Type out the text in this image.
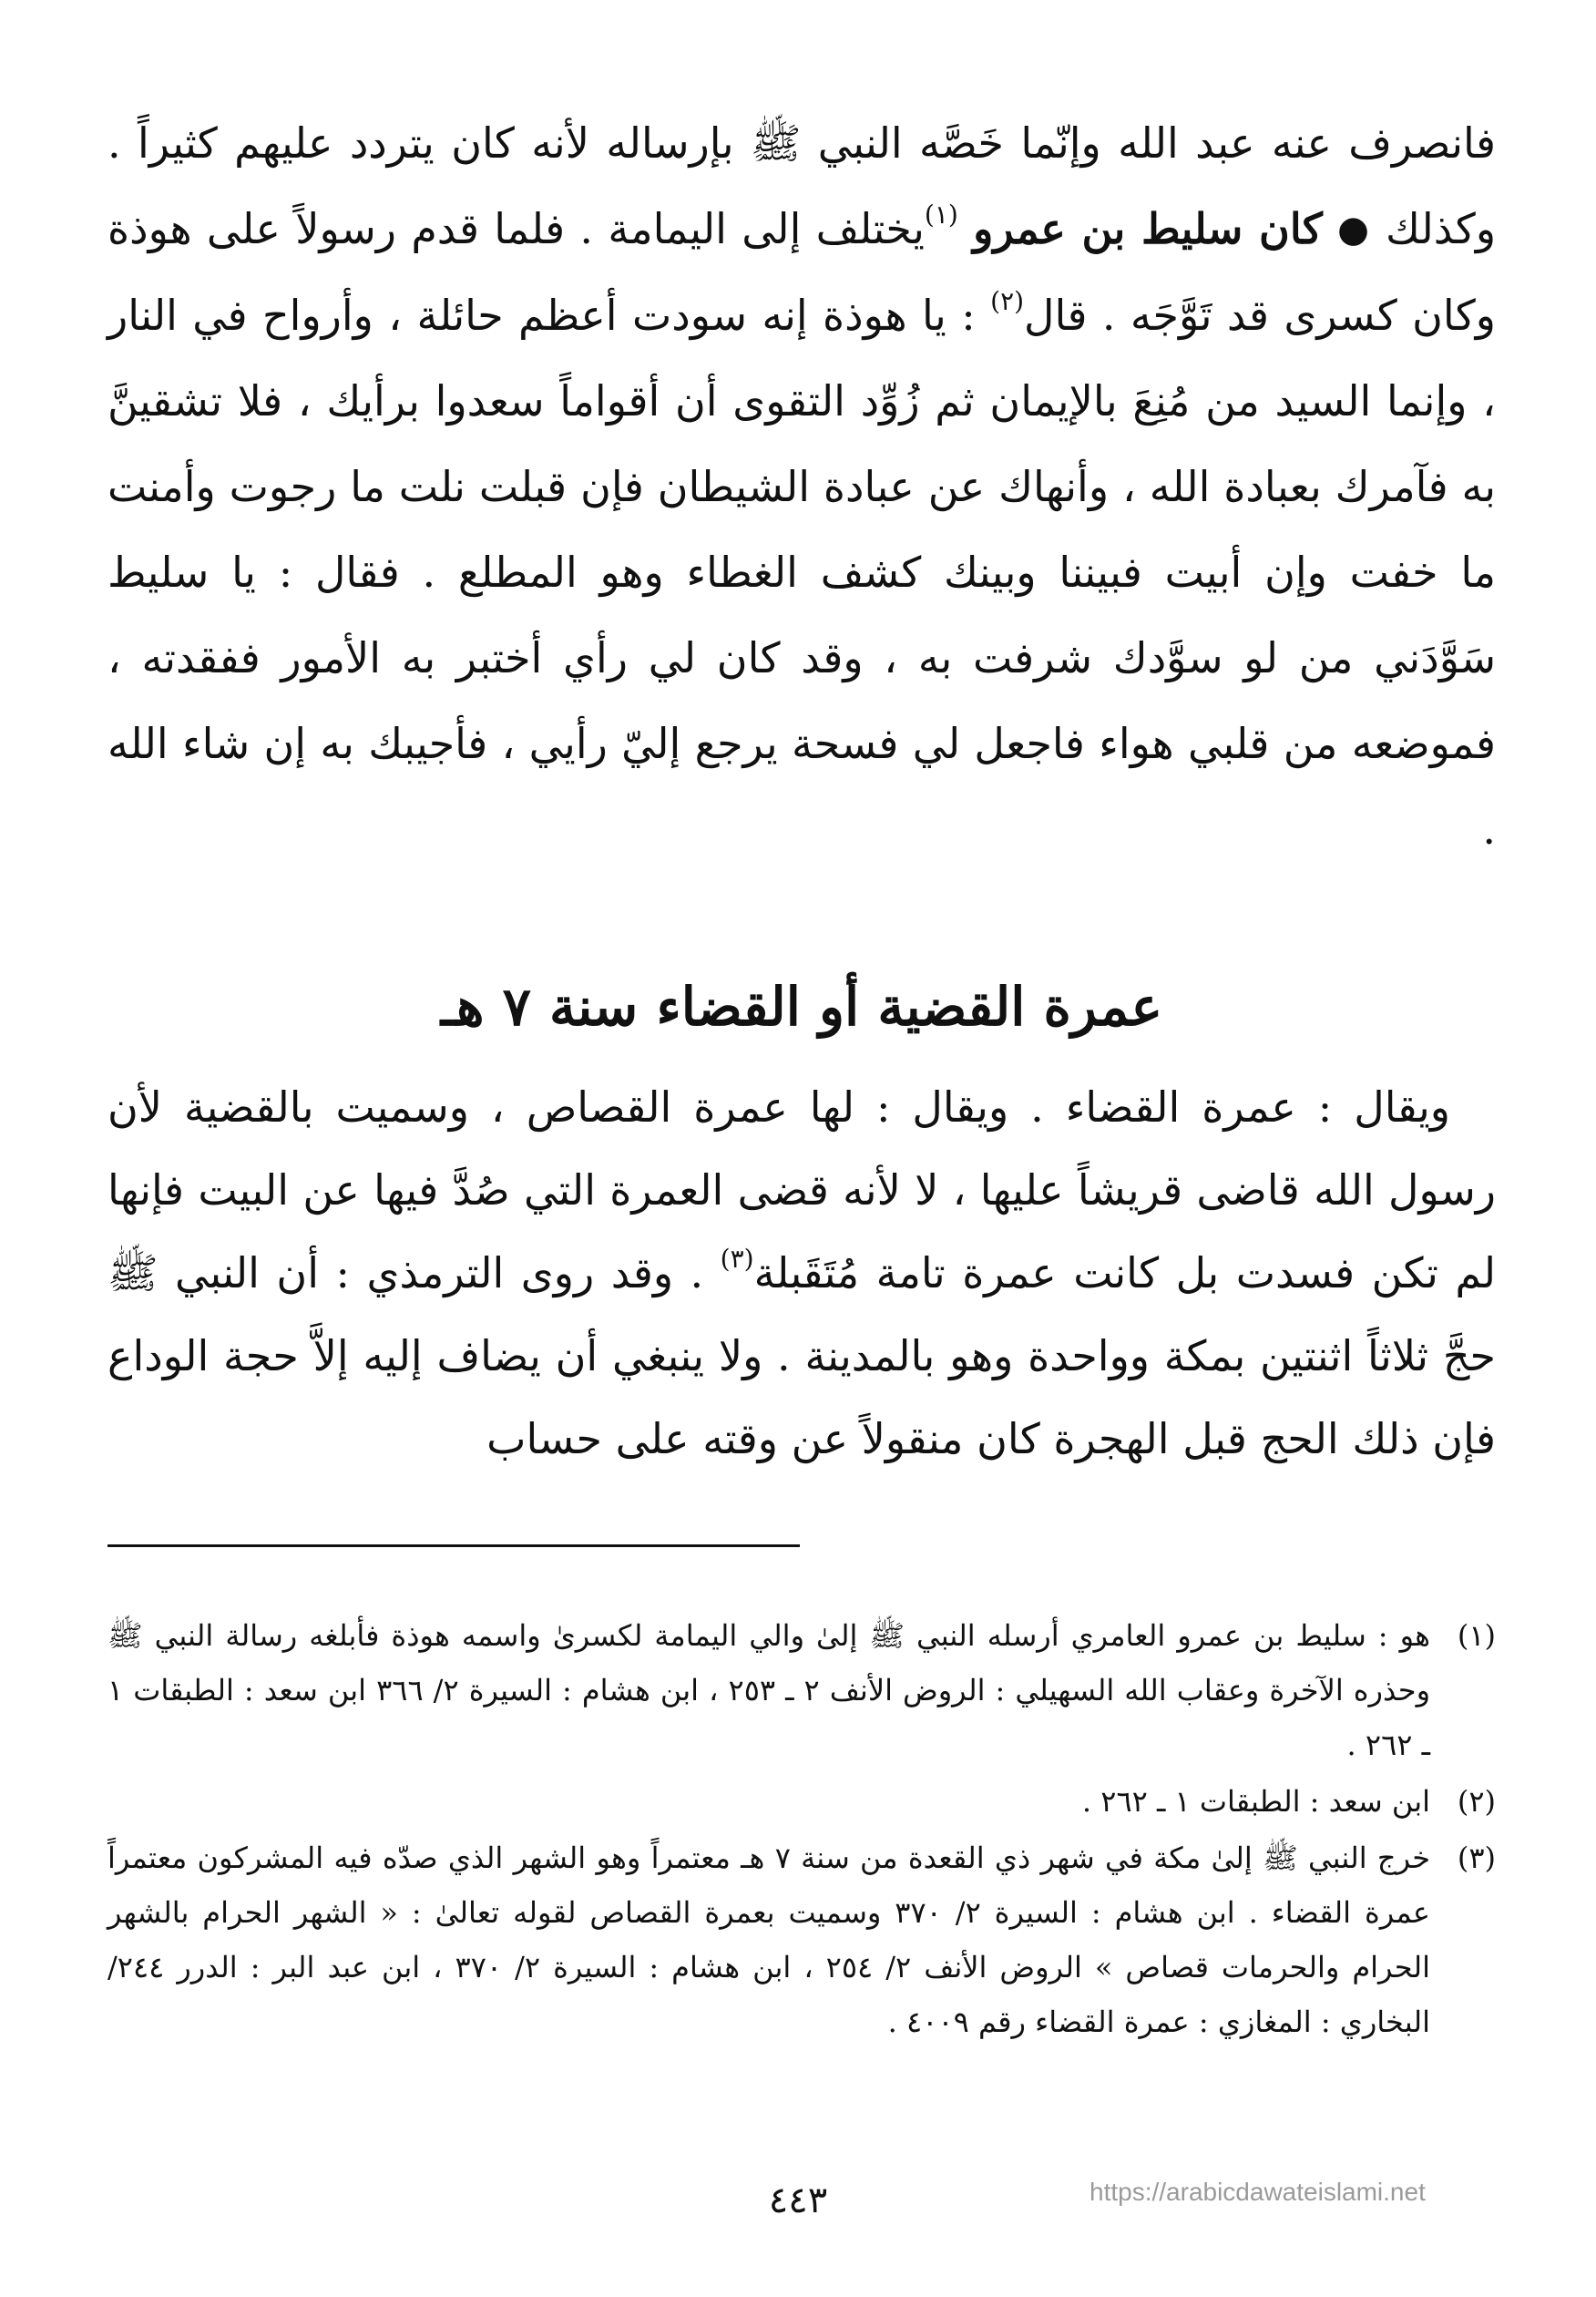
فانصرف عنه عبد الله وإنّما خَصَّه النبي ﷺ بإرساله لأنه كان يتردد عليهم كثيراً . وكذلك ● كان سليط بن عمرو $^{(١)}$يختلف إلى اليمامة . فلما قدم رسولاً على هوذة وكان كسرى قد تَوَّجَه . قال$^{(٢)}$ : يا هوذة إنه سودت أعظم حائلة ، وأرواح في النار ، وإنما السيد من مُنِعَ بالإيمان ثم زُوِّد التقوى أن أقواماً سعدوا برأيك ، فلا تشقينَّ به فآمرك بعبادة الله ، وأنهاك عن عبادة الشيطان فإن قبلت نلت ما رجوت وأمنت ما خفت وإن أبيت فبيننا وبينك كشف الغطاء وهو المطلع . فقال : يا سليط سَوَّدَني من لو سوَّدك شرفت به ، وقد كان لي رأي أختبر به الأمور ففقدته ، فموضعه من قلبي هواء فاجعل لي فسحة يرجع إليّ رأيي ، فأجيبك به إن شاء الله .

عمرة القضية أو القضاء سنة ٧ هـ

ويقال : عمرة القضاء . ويقال : لها عمرة القصاص ، وسميت بالقضية لأن رسول الله قاضى قريشاً عليها ، لا لأنه قضى العمرة التي صُدَّ فيها عن البيت فإنها لم تكن فسدت بل كانت عمرة تامة مُتَقَبلة$^{(٣)}$ . وقد روى الترمذي : أن النبي ﷺ حجَّ ثلاثاً اثنتين بمكة وواحدة وهو بالمدينة . ولا ينبغي أن يضاف إليه إلاَّ حجة الوداع فإن ذلك الحج قبل الهجرة كان منقولاً عن وقته على حساب

(١)
هو : سليط بن عمرو العامري أرسله النبي ﷺ إلىٰ والي اليمامة لكسرىٰ واسمه هوذة فأبلغه رسالة النبي ﷺ وحذره الآخرة وعقاب الله السهيلي : الروض الأنف ٢ ـ ٢٥٣ ، ابن هشام : السيرة ٢/ ٣٦٦ ابن سعد : الطبقات ١ ـ ٢٦٢ .
(٢)
ابن سعد : الطبقات ١ ـ ٢٦٢ .
(٣)
خرج النبي ﷺ إلىٰ مكة في شهر ذي القعدة من سنة ٧ هـ معتمراً وهو الشهر الذي صدّه فيه المشركون معتمراً عمرة القضاء . ابن هشام : السيرة ٢/ ٣٧٠ وسميت بعمرة القصاص لقوله تعالىٰ : « الشهر الحرام بالشهر الحرام والحرمات قصاص » الروض الأنف ٢/ ٢٥٤ ، ابن هشام : السيرة ٢/ ٣٧٠ ، ابن عبد البر : الدرر ٢٤٤/ البخاري : المغازي : عمرة القضاء رقم ٤٠٠٩ .
٤٤٣	https://arabicdawateislami.net
